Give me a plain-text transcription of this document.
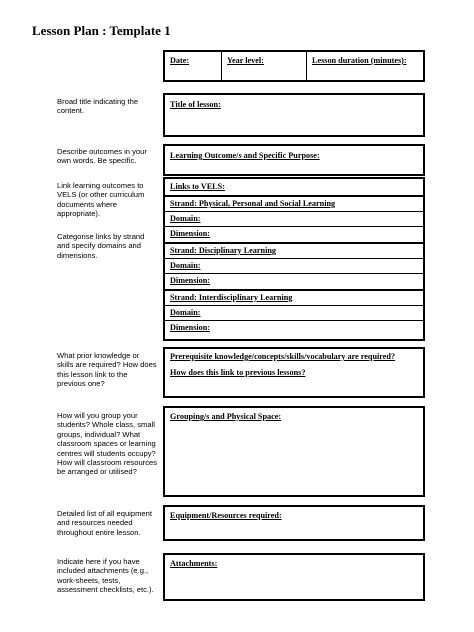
Lesson Plan : Template 1
Date:	Year level:	Lesson duration (minutes):
Broad title indicating the content.
Describe outcomes in your own words. Be specific.
Link learning outcomes to VELS (or other curriculum documents where appropriate).
Categorise links by strand and specify domains and dimensions.
What prior knowledge or skills are required? How does this lesson link to the previous one?
How will you group your students? Whole class, small groups, individual? What classroom spaces or learning centres will students occupy? How will classroom resources be arranged or utilised?
Detailed list of all equipment and resources needed throughout entire lesson.
Indicate here if you have included attachments (e.g., work-sheets, tests, assessment checklists, etc.).
Title of lesson:
Learning Outcome/s and Specific Purpose:
Links to VELS:
Strand: Physical, Personal and Social Learning
Domain:
Dimension:
Strand: Disciplinary Learning
Domain:
Dimension:
Strand: Interdisciplinary Learning
Domain:
Dimension:
Prerequisite knowledge/concepts/skills/vocabulary are required?
How does this link to previous lessons?
Grouping/s and Physical Space:
Equipment/Resources required:
Attachments:
